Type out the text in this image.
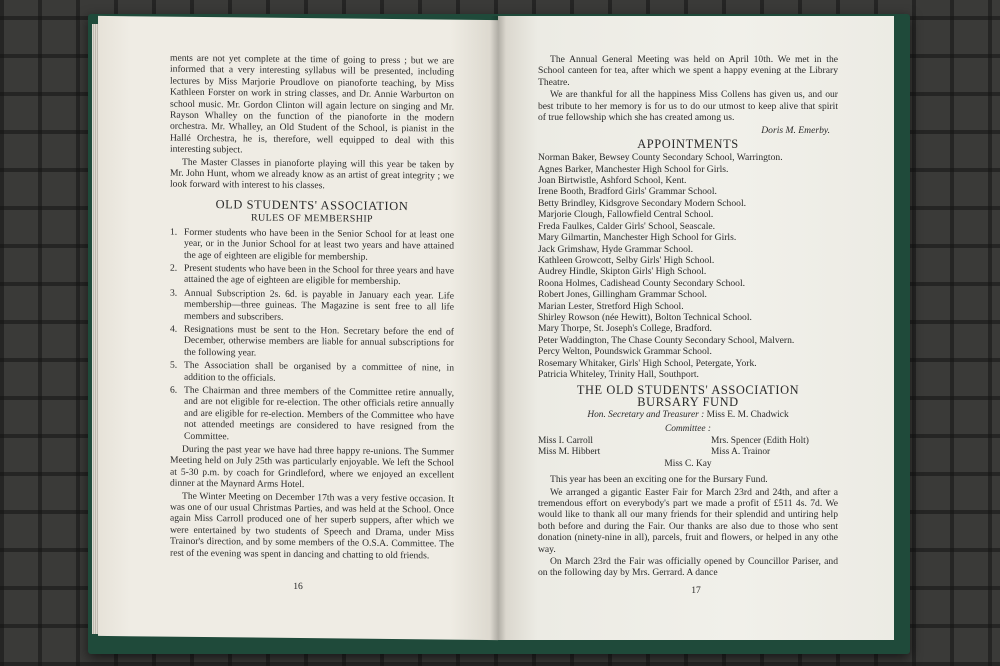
ments are not yet complete at the time of going to press ; but we are informed that a very interesting syllabus will be presented, including lectures by Miss Marjorie Proudlove on pianoforte teaching, by Miss Kathleen Forster on work in string classes, and Dr. Annie Warburton on school music. Mr. Gordon Clinton will again lecture on singing and Mr. Rayson Whalley on the function of the pianoforte in the modern orchestra. Mr. Whalley, an Old Student of the School, is pianist in the Hallé Orchestra, he is, therefore, well equipped to deal with this interesting subject.

The Master Classes in pianoforte playing will this year be taken by Mr. John Hunt, whom we already know as an artist of great integrity ; we look forward with interest to his classes.

OLD STUDENTS' ASSOCIATION
RULES OF MEMBERSHIP
1. Former students who have been in the Senior School for at least one year, or in the Junior School for at least two years and have attained the age of eighteen are eligible for membership.
2. Present students who have been in the School for three years and have attained the age of eighteen are eligible for membership.
3. Annual Subscription 2s. 6d. is payable in January each year. Life membership—three guineas. The Magazine is sent free to all life members and subscribers.
4. Resignations must be sent to the Hon. Secretary before the end of December, otherwise members are liable for annual subscriptions for the following year.
5. The Association shall be organised by a committee of nine, in addition to the officials.
6. The Chairman and three members of the Committee retire annually, and are not eligible for re-election. The other officials retire annually and are eligible for re-election. Members of the Committee who have not attended meetings are considered to have resigned from the Committee.

During the past year we have had three happy re-unions. The Summer Meeting held on July 25th was particularly enjoyable. We left the School at 5-30 p.m. by coach for Grindleford, where we enjoyed an excellent dinner at the Maynard Arms Hotel.

The Winter Meeting on December 17th was a very festive occasion. It was one of our usual Christmas Parties, and was held at the School. Once again Miss Carroll produced one of her superb suppers, after which we were entertained by two students of Speech and Drama, under Miss Trainor's direction, and by some members of the O.S.A. Committee. The rest of the evening was spent in dancing and chatting to old friends.

16

The Annual General Meeting was held on April 10th. We met in the School canteen for tea, after which we spent a happy evening at the Library Theatre.

We are thankful for all the happiness Miss Collens has given us, and our best tribute to her memory is for us to do our utmost to keep alive that spirit of true fellowship which she has created among us.

Doris M. Emerby.
APPOINTMENTS
Norman Baker, Bewsey County Secondary School, Warrington.
Agnes Barker, Manchester High School for Girls.
Joan Birtwistle, Ashford School, Kent.
Irene Booth, Bradford Girls' Grammar School.
Betty Brindley, Kidsgrove Secondary Modern School.
Marjorie Clough, Fallowfield Central School.
Freda Faulkes, Calder Girls' School, Seascale.
Mary Gilmartin, Manchester High School for Girls.
Jack Grimshaw, Hyde Grammar School.
Kathleen Growcott, Selby Girls' High School.
Audrey Hindle, Skipton Girls' High School.
Roona Holmes, Cadishead County Secondary School.
Robert Jones, Gillingham Grammar School.
Marian Lester, Stretford High School.
Shirley Rowson (née Hewitt), Bolton Technical School.
Mary Thorpe, St. Joseph's College, Bradford.
Peter Waddington, The Chase County Secondary School, Malvern.
Percy Welton, Poundswick Grammar School.
Rosemary Whitaker, Girls' High School, Petergate, York.
Patricia Whiteley, Trinity Hall, Southport.
THE OLD STUDENTS' ASSOCIATION
BURSARY FUND
Hon. Secretary and Treasurer : Miss E. M. Chadwick
Committee :
Miss I. Carroll	Mrs. Spencer (Edith Holt)
Miss M. Hibbert	Miss A. Trainor
Miss C. Kay

This year has been an exciting one for the Bursary Fund.

We arranged a gigantic Easter Fair for March 23rd and 24th, and after a tremendous effort on everybody's part we made a profit of £511 4s. 7d. We would like to thank all our many friends for their splendid and untiring help both before and during the Fair. Our thanks are also due to those who sent donation (ninety-nine in all), parcels, fruit and flowers, or helped in any othe way.

On March 23rd the Fair was officially opened by Councillor Pariser, and on the following day by Mrs. Gerrard. A dance

17
